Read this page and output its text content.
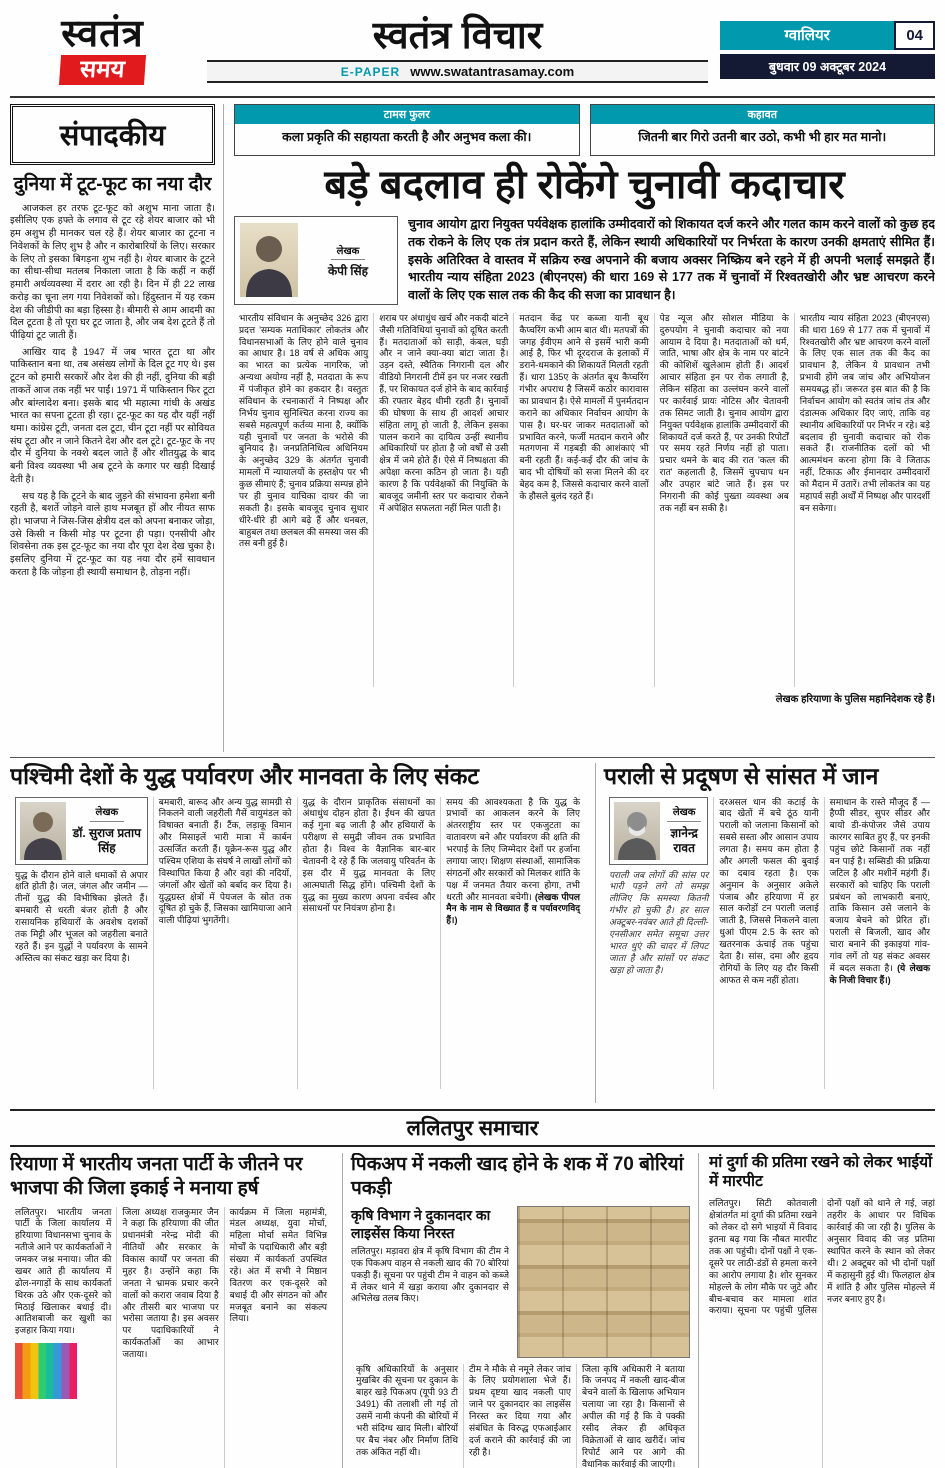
स्वतंत्र
समय
स्वतंत्र विचार
E-PAPER www.swatantrasamay.com
ग्वालियर	04
बुधवार 09 अक्टूबर 2024
संपादकीय
दुनिया में टूट-फूट का नया दौर

आजकल हर तरफ टूट-फूट को अशुभ माना जाता है। इसीलिए एक हफ्ते के लगाव से टूट रहे शेयर बाजार को भी हम अशुभ ही मानकर चल रहे हैं। शेयर बाजार का टूटना न निवेशकों के लिए शुभ है और न कारोबारियों के लिए। सरकार के लिए तो इसका बिगड़ना शुभ नहीं है। शेयर बाजार के टूटने का सीधा-सीधा मतलब निकाला जाता है कि कहीं न कहीं हमारी अर्थव्यवस्था में दरार आ रही है। दिन में ही 22 लाख करोड़ का चूना लग गया निवेशकों को। हिंदुस्तान में यह रकम देश की जीडीपी का बड़ा हिस्सा है। बीमारी से आम आदमी का दिल टूटता है तो पूरा घर टूट जाता है, और जब देश टूटते हैं तो पीढ़ियां टूट जाती हैं।

आखिर याद है 1947 में जब भारत टूटा था और पाकिस्तान बना था, तब असंख्य लोगों के दिल टूट गए थे। इस टूटन को हमारी सरकारें और देश की ही नहीं, दुनिया की बड़ी ताकतें आज तक नहीं भर पाईं। 1971 में पाकिस्तान फिर टूटा और बांग्लादेश बना। इसके बाद भी महात्मा गांधी के अखंड भारत का सपना टूटता ही रहा। टूट-फूट का यह दौर यहीं नहीं थमा। कांग्रेस टूटी, जनता दल टूटा, चीन टूटा नहीं पर सोवियत संघ टूटा और न जाने कितने देश और दल टूटे। टूट-फूट के नए दौर में दुनिया के नक्शे बदल जाते हैं और शीतयुद्ध के बाद बनी विश्व व्यवस्था भी अब टूटने के कगार पर खड़ी दिखाई देती है।

सच यह है कि टूटने के बाद जुड़ने की संभावना हमेशा बनी रहती है, बशर्ते जोड़ने वाले हाथ मजबूत हों और नीयत साफ हो। भाजपा ने जिस-जिस क्षेत्रीय दल को अपना बनाकर जोड़ा, उसे किसी न किसी मोड़ पर टूटना ही पड़ा। एनसीपी और शिवसेना तक इस टूट-फूट का नया दौर पूरा देश देख चुका है। इसलिए दुनिया में टूट-फूट का यह नया दौर हमें सावधान करता है कि जोड़ना ही स्थायी समाधान है, तोड़ना नहीं।

टामस फुलर
कला प्रकृति की सहायता करती है और अनुभव कला की।
कहावत
जितनी बार गिरो उतनी बार उठो, कभी भी हार मत मानो।
बड़े बदलाव ही रोकेंगे चुनावी कदाचार
लेखक
केपी सिंह
चुनाव आयोग द्वारा नियुक्त पर्यवेक्षक हालांकि उम्मीदवारों को शिकायत दर्ज करने और गलत काम करने वालों को कुछ हद तक रोकने के लिए एक तंत्र प्रदान करते हैं, लेकिन स्थायी अधिकारियों पर निर्भरता के कारण उनकी क्षमताएं सीमित हैं। इसके अतिरिक्त वे वास्तव में सक्रिय रुख अपनाने की बजाय अक्सर निष्क्रिय बने रहने में ही अपनी भलाई समझते हैं। भारतीय न्याय संहिता 2023 (बीएनएस) की धारा 169 से 177 तक में चुनावों में रिश्वतखोरी और भ्रष्ट आचरण करने वालों के लिए एक साल तक की कैद की सजा का प्रावधान है।
भारतीय संविधान के अनुच्छेद 326 द्वारा प्रदत्त 'सम्यक मताधिकार' लोकतंत्र और विधानसभाओं के लिए होने वाले चुनाव का आधार है। 18 वर्ष से अधिक आयु का भारत का प्रत्येक नागरिक, जो अन्यथा अयोग्य नहीं है, मतदाता के रूप में पंजीकृत होने का हकदार है। वस्तुतः संविधान के रचनाकारों ने निष्पक्ष और निर्भय चुनाव सुनिश्चित करना राज्य का सबसे महत्वपूर्ण कर्तव्य माना है, क्योंकि यही चुनावों पर जनता के भरोसे की बुनियाद है। जनप्रतिनिधित्व अधिनियम के अनुच्छेद 329 के अंतर्गत चुनावी मामलों में न्यायालयों के हस्तक्षेप पर भी कुछ सीमाएं हैं; चुनाव प्रक्रिया सम्पन्न होने पर ही चुनाव याचिका दायर की जा सकती है। इसके बावजूद चुनाव सुधार धीरे-धीरे ही आगे बढ़े हैं और धनबल, बाहुबल तथा छलबल की समस्या जस की तस बनी हुई है।
शराब पर अंधाधुंध खर्च और नकदी बांटने जैसी गतिविधियां चुनावों को दूषित करती हैं। मतदाताओं को साड़ी, कंबल, घड़ी और न जाने क्या-क्या बांटा जाता है। उड़न दस्ते, स्थैतिक निगरानी दल और वीडियो निगरानी टीमें इन पर नजर रखती हैं, पर शिकायत दर्ज होने के बाद कार्रवाई की रफ्तार बेहद धीमी रहती है। चुनावों की घोषणा के साथ ही आदर्श आचार संहिता लागू हो जाती है, लेकिन इसका पालन कराने का दायित्व उन्हीं स्थानीय अधिकारियों पर होता है जो वर्षों से उसी क्षेत्र में जमे होते हैं। ऐसे में निष्पक्षता की अपेक्षा करना कठिन हो जाता है। यही कारण है कि पर्यवेक्षकों की नियुक्ति के बावजूद जमीनी स्तर पर कदाचार रोकने में अपेक्षित सफलता नहीं मिल पाती है।
मतदान केंद्र पर कब्जा यानी बूथ कैप्चरिंग कभी आम बात थी। मतपत्रों की जगह ईवीएम आने से इसमें भारी कमी आई है, फिर भी दूरदराज के इलाकों में डराने-धमकाने की शिकायतें मिलती रहती हैं। धारा 135ए के अंतर्गत बूथ कैप्चरिंग गंभीर अपराध है जिसमें कठोर कारावास का प्रावधान है। ऐसे मामलों में पुनर्मतदान कराने का अधिकार निर्वाचन आयोग के पास है। घर-घर जाकर मतदाताओं को प्रभावित करने, फर्जी मतदान कराने और मतगणना में गड़बड़ी की आशंकाएं भी बनी रहती हैं। कई-कई दौर की जांच के बाद भी दोषियों को सजा मिलने की दर बेहद कम है, जिससे कदाचार करने वालों के हौसले बुलंद रहते हैं।
पेड न्यूज और सोशल मीडिया के दुरुपयोग ने चुनावी कदाचार को नया आयाम दे दिया है। मतदाताओं को धर्म, जाति, भाषा और क्षेत्र के नाम पर बांटने की कोशिशें खुलेआम होती हैं। आदर्श आचार संहिता इन पर रोक लगाती है, लेकिन संहिता का उल्लंघन करने वालों पर कार्रवाई प्रायः नोटिस और चेतावनी तक सिमट जाती है। चुनाव आयोग द्वारा नियुक्त पर्यवेक्षक हालांकि उम्मीदवारों की शिकायतें दर्ज करते हैं, पर उनकी रिपोर्टों पर समय रहते निर्णय नहीं हो पाता। प्रचार थमने के बाद की रात 'कत्ल की रात' कहलाती है, जिसमें चुपचाप धन और उपहार बांटे जाते हैं। इस पर निगरानी की कोई पुख्ता व्यवस्था अब तक नहीं बन सकी है।
भारतीय न्याय संहिता 2023 (बीएनएस) की धारा 169 से 177 तक में चुनावों में रिश्वतखोरी और भ्रष्ट आचरण करने वालों के लिए एक साल तक की कैद का प्रावधान है, लेकिन ये प्रावधान तभी प्रभावी होंगे जब जांच और अभियोजन समयबद्ध हों। जरूरत इस बात की है कि निर्वाचन आयोग को स्वतंत्र जांच तंत्र और दंडात्मक अधिकार दिए जाएं, ताकि वह स्थानीय अधिकारियों पर निर्भर न रहे। बड़े बदलाव ही चुनावी कदाचार को रोक सकते हैं। राजनीतिक दलों को भी आत्ममंथन करना होगा कि वे जिताऊ नहीं, टिकाऊ और ईमानदार उम्मीदवारों को मैदान में उतारें। तभी लोकतंत्र का यह महापर्व सही अर्थों में निष्पक्ष और पारदर्शी बन सकेगा।
लेखक हरियाणा के पुलिस महानिदेशक रहे हैं।
पश्चिमी देशों के युद्ध पर्यावरण और मानवता के लिए संकट
लेखक
डॉ. सुराज प्रताप सिंह
युद्ध के दौरान होने वाले धमाकों से अपार क्षति होती है। जल, जंगल और जमीन — तीनों युद्ध की विभीषिका झेलते हैं। बमबारी से धरती बंजर होती है और रासायनिक हथियारों के अवशेष दशकों तक मिट्टी और भूजल को जहरीला बनाते रहते हैं। इन युद्धों ने पर्यावरण के सामने अस्तित्व का संकट खड़ा कर दिया है।
बमबारी, बारूद और अन्य युद्ध सामग्री से निकलने वाली जहरीली गैसें वायुमंडल को विषाक्त बनाती हैं। टैंक, लड़ाकू विमान और मिसाइलें भारी मात्रा में कार्बन उत्सर्जित करती हैं। यूक्रेन-रूस युद्ध और पश्चिम एशिया के संघर्ष ने लाखों लोगों को विस्थापित किया है और वहां की नदियों, जंगलों और खेतों को बर्बाद कर दिया है। युद्धग्रस्त क्षेत्रों में पेयजल के स्रोत तक दूषित हो चुके हैं, जिसका खामियाजा आने वाली पीढ़ियां भुगतेंगी।
युद्ध के दौरान प्राकृतिक संसाधनों का अंधाधुंध दोहन होता है। ईंधन की खपत कई गुना बढ़ जाती है और हथियारों के परीक्षण से समुद्री जीवन तक प्रभावित होता है। विश्व के वैज्ञानिक बार-बार चेतावनी दे रहे हैं कि जलवायु परिवर्तन के इस दौर में युद्ध मानवता के लिए आत्मघाती सिद्ध होंगे। पश्चिमी देशों के युद्ध का मुख्य कारण अपना वर्चस्व और संसाधनों पर नियंत्रण होना है।
समय की आवश्यकता है कि युद्ध के प्रभावों का आकलन करने के लिए अंतरराष्ट्रीय स्तर पर एकजुटता का वातावरण बने और पर्यावरण की क्षति की भरपाई के लिए जिम्मेदार देशों पर हर्जाना लगाया जाए। शिक्षण संस्थाओं, सामाजिक संगठनों और सरकारों को मिलकर शांति के पक्ष में जनमत तैयार करना होगा, तभी धरती और मानवता बचेगी। (लेखक पीपल मैन के नाम से विख्यात हैं व पर्यावरणविद् हैं।)
पराली से प्रदूषण से सांसत में जान
लेखक
ज्ञानेन्द्र रावत
पराली जब लोगों की सांस पर भारी पड़ने लगे तो समझ लीजिए कि समस्या कितनी गंभीर हो चुकी है। हर साल अक्टूबर-नवंबर आते ही दिल्ली-एनसीआर समेत समूचा उत्तर भारत धुएं की चादर में लिपट जाता है और सांसों पर संकट खड़ा हो जाता है।
दरअसल धान की कटाई के बाद खेतों में बचे ठूंठ यानी पराली को जलाना किसानों को सबसे सस्ता और आसान उपाय लगता है। समय कम होता है और अगली फसल की बुवाई का दबाव रहता है। एक अनुमान के अनुसार अकेले पंजाब और हरियाणा में हर साल करोड़ों टन पराली जलाई जाती है, जिससे निकलने वाला धुआं पीएम 2.5 के स्तर को खतरनाक ऊंचाई तक पहुंचा देता है। सांस, दमा और हृदय रोगियों के लिए यह दौर किसी आफत से कम नहीं होता।
समाधान के रास्ते मौजूद हैं — हैप्पी सीडर, सुपर सीडर और बायो डी-कंपोजर जैसे उपाय कारगर साबित हुए हैं, पर इनकी पहुंच छोटे किसानों तक नहीं बन पाई है। सब्सिडी की प्रक्रिया जटिल है और मशीनें महंगी हैं। सरकारों को चाहिए कि पराली प्रबंधन को लाभकारी बनाएं, ताकि किसान उसे जलाने के बजाय बेचने को प्रेरित हों। पराली से बिजली, खाद और चारा बनाने की इकाइयां गांव-गांव लगें तो यह संकट अवसर में बदल सकता है। (ये लेखक के निजी विचार हैं।)
ललितपुर समाचार
रियाणा में भारतीय जनता पार्टी के जीतने पर भाजपा की जिला इकाई ने मनाया हर्ष
ललितपुर। भारतीय जनता पार्टी के जिला कार्यालय में हरियाणा विधानसभा चुनाव के नतीजे आने पर कार्यकर्ताओं ने जमकर जश्न मनाया। जीत की खबर आते ही कार्यालय में ढोल-नगाड़ों के साथ कार्यकर्ता थिरक उठे और एक-दूसरे को मिठाई खिलाकर बधाई दी। आतिशबाजी कर खुशी का इजहार किया गया।
जिला अध्यक्ष राजकुमार जैन ने कहा कि हरियाणा की जीत प्रधानमंत्री नरेन्द्र मोदी की नीतियों और सरकार के विकास कार्यों पर जनता की मुहर है। उन्होंने कहा कि जनता ने भ्रामक प्रचार करने वालों को करारा जवाब दिया है और तीसरी बार भाजपा पर भरोसा जताया है। इस अवसर पर पदाधिकारियों ने कार्यकर्ताओं का आभार जताया।
कार्यक्रम में जिला महामंत्री, मंडल अध्यक्ष, युवा मोर्चा, महिला मोर्चा समेत विभिन्न मोर्चों के पदाधिकारी और बड़ी संख्या में कार्यकर्ता उपस्थित रहे। अंत में सभी ने मिष्ठान वितरण कर एक-दूसरे को बधाई दी और संगठन को और मजबूत बनाने का संकल्प लिया।
पिकअप में नकली खाद होने के शक में 70 बोरियां पकड़ी
कृषि विभाग ने दुकानदार का लाइसेंस किया निरस्त
ललितपुर। मड़ावरा क्षेत्र में कृषि विभाग की टीम ने एक पिकअप वाहन से नकली खाद की 70 बोरियां पकड़ी हैं। सूचना पर पहुंची टीम ने वाहन को कब्जे में लेकर थाने में खड़ा कराया और दुकानदार से अभिलेख तलब किए।
कृषि अधिकारियों के अनुसार मुखबिर की सूचना पर दुकान के बाहर खड़े पिकअप (यूपी 93 टी 3491) की तलाशी ली गई तो उसमें नामी कंपनी की बोरियों में भरी संदिग्ध खाद मिली। बोरियों पर बैच नंबर और निर्माण तिथि तक अंकित नहीं थी।
टीम ने मौके से नमूने लेकर जांच के लिए प्रयोगशाला भेजे हैं। प्रथम दृष्टया खाद नकली पाए जाने पर दुकानदार का लाइसेंस निरस्त कर दिया गया और संबंधित के विरुद्ध एफआईआर दर्ज कराने की कार्रवाई की जा रही है।
जिला कृषि अधिकारी ने बताया कि जनपद में नकली खाद-बीज बेचने वालों के खिलाफ अभियान चलाया जा रहा है। किसानों से अपील की गई है कि वे पक्की रसीद लेकर ही अधिकृत विक्रेताओं से खाद खरीदें। जांच रिपोर्ट आने पर आगे की वैधानिक कार्रवाई की जाएगी।
मां दुर्गा की प्रतिमा रखने को लेकर भाईयों में मारपीट
ललितपुर। सिटी कोतवाली क्षेत्रांतर्गत मां दुर्गा की प्रतिमा रखने को लेकर दो सगे भाइयों में विवाद इतना बढ़ गया कि नौबत मारपीट तक आ पहुंची। दोनों पक्षों ने एक-दूसरे पर लाठी-डंडों से हमला करने का आरोप लगाया है। शोर सुनकर मोहल्ले के लोग मौके पर जुटे और बीच-बचाव कर मामला शांत कराया। सूचना पर पहुंची पुलिस दोनों पक्षों को थाने ले गई, जहां तहरीर के आधार पर विधिक कार्रवाई की जा रही है। पुलिस के अनुसार विवाद की जड़ प्रतिमा स्थापित करने के स्थान को लेकर थी। 2 अक्टूबर को भी दोनों पक्षों में कहासुनी हुई थी। फिलहाल क्षेत्र में शांति है और पुलिस मोहल्ले में नजर बनाए हुए है।
